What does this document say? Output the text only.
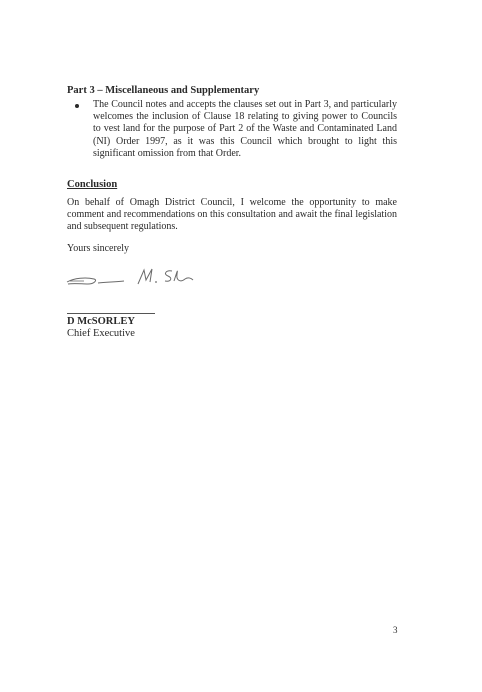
Part 3 – Miscellaneous and Supplementary
The Council notes and accepts the clauses set out in Part 3, and particularly welcomes the inclusion of Clause 18 relating to giving power to Councils to vest land for the purpose of Part 2 of the Waste and Contaminated Land (NI) Order 1997, as it was this Council which brought to light this significant omission from that Order.
Conclusion
On behalf of Omagh District Council, I welcome the opportunity to make comment and recommendations on this consultation and await the final legislation and subsequent regulations.
Yours sincerely
D McSORLEY
Chief Executive
3
